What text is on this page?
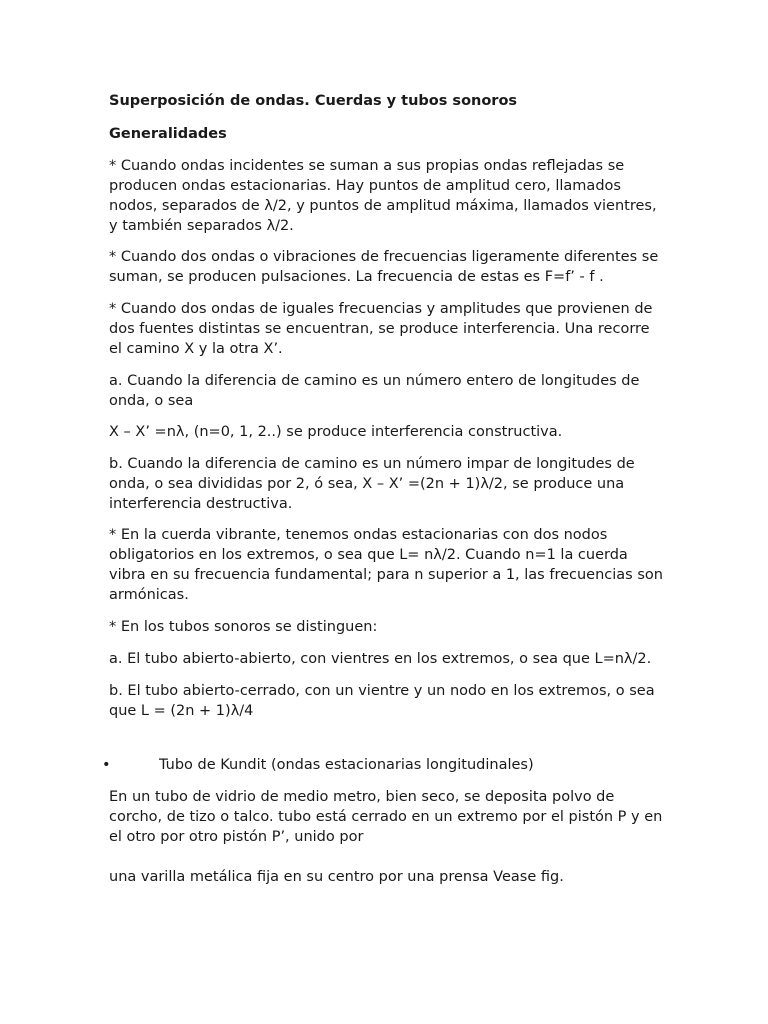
Superposición de ondas. Cuerdas y tubos sonoros

Generalidades

* Cuando ondas incidentes se suman a sus propias ondas reflejadas se producen ondas estacionarias. Hay puntos de amplitud cero, llamados nodos, separados de λ/2, y puntos de amplitud máxima, llamados vientres, y también separados λ/2.

* Cuando dos ondas o vibraciones de frecuencias ligeramente diferentes se suman, se producen pulsaciones. La frecuencia de estas es F=f’ - f .

* Cuando dos ondas de iguales frecuencias y amplitudes que provienen de dos fuentes distintas se encuentran, se produce interferencia. Una recorre el camino X y la otra X’.

a. Cuando la diferencia de camino es un número entero de longitudes de onda, o sea

X – X’ =nλ, (n=0, 1, 2..) se produce interferencia constructiva.

b. Cuando la diferencia de camino es un número impar de longitudes de onda, o sea divididas por 2, ó sea, X – X’ =(2n + 1)λ/2, se produce una interferencia destructiva.

* En la cuerda vibrante, tenemos ondas estacionarias con dos nodos obligatorios en los extremos, o sea que L= nλ/2. Cuando n=1 la cuerda vibra en su frecuencia fundamental; para n superior a 1, las frecuencias son armónicas.

* En los tubos sonoros se distinguen:

a. El tubo abierto-abierto, con vientres en los extremos, o sea que L=nλ/2.

b. El tubo abierto-cerrado, con un vientre y un nodo en los extremos, o sea que L = (2n + 1)λ/4

•	Tubo de Kundit (ondas estacionarias longitudinales)

En un tubo de vidrio de medio metro, bien seco, se deposita polvo de corcho, de tizo o talco. tubo está cerrado en un extremo por el pistón P y en el otro por otro pistón P’, unido por

una varilla metálica fija en su centro por una prensa Vease fig.
